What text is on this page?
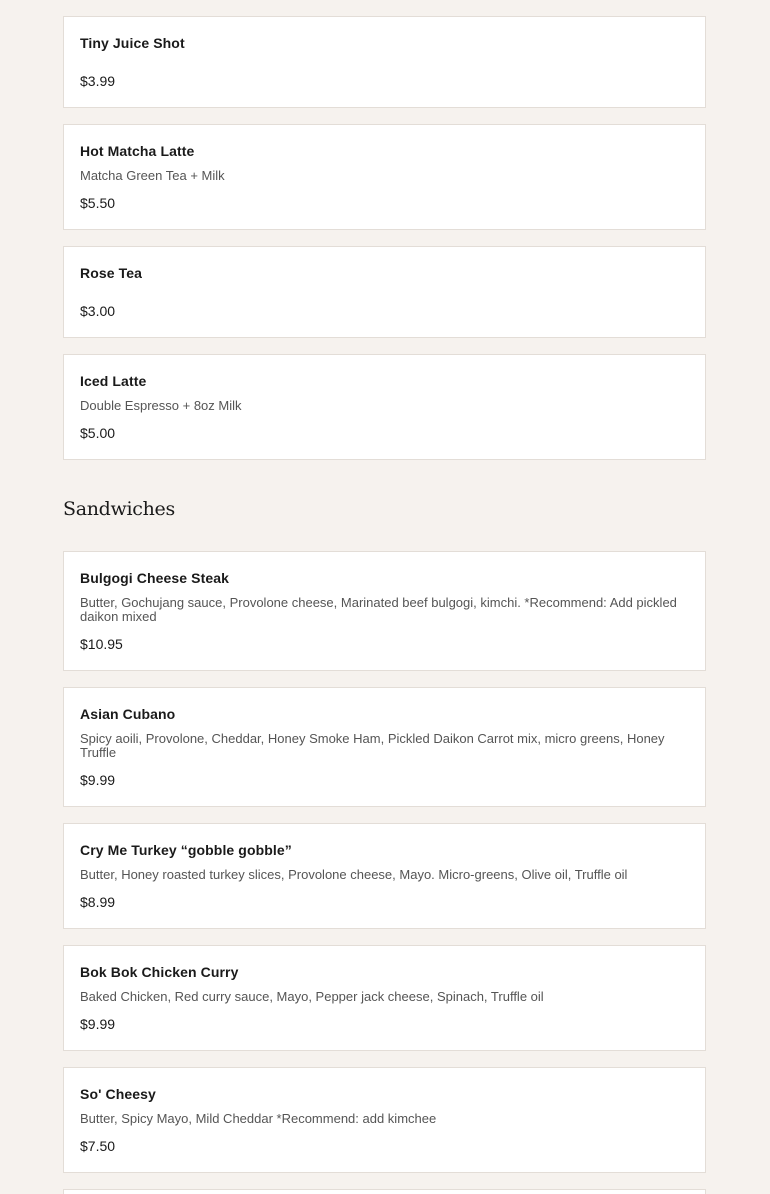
Tiny Juice Shot
$3.99
Hot Matcha Latte
Matcha Green Tea + Milk
$5.50
Rose Tea
$3.00
Iced Latte
Double Espresso + 8oz Milk
$5.00
Sandwiches
Bulgogi Cheese Steak
Butter, Gochujang sauce, Provolone cheese, Marinated beef bulgogi, kimchi. *Recommend: Add pickled daikon mixed
$10.95
Asian Cubano
Spicy aoili, Provolone, Cheddar, Honey Smoke Ham, Pickled Daikon Carrot mix, micro greens, Honey Truffle
$9.99
Cry Me Turkey “gobble gobble”
Butter, Honey roasted turkey slices, Provolone cheese, Mayo. Micro-greens, Olive oil, Truffle oil
$8.99
Bok Bok Chicken Curry
Baked Chicken, Red curry sauce, Mayo, Pepper jack cheese, Spinach, Truffle oil
$9.99
So' Cheesy
Butter, Spicy Mayo, Mild Cheddar *Recommend: add kimchee
$7.50
